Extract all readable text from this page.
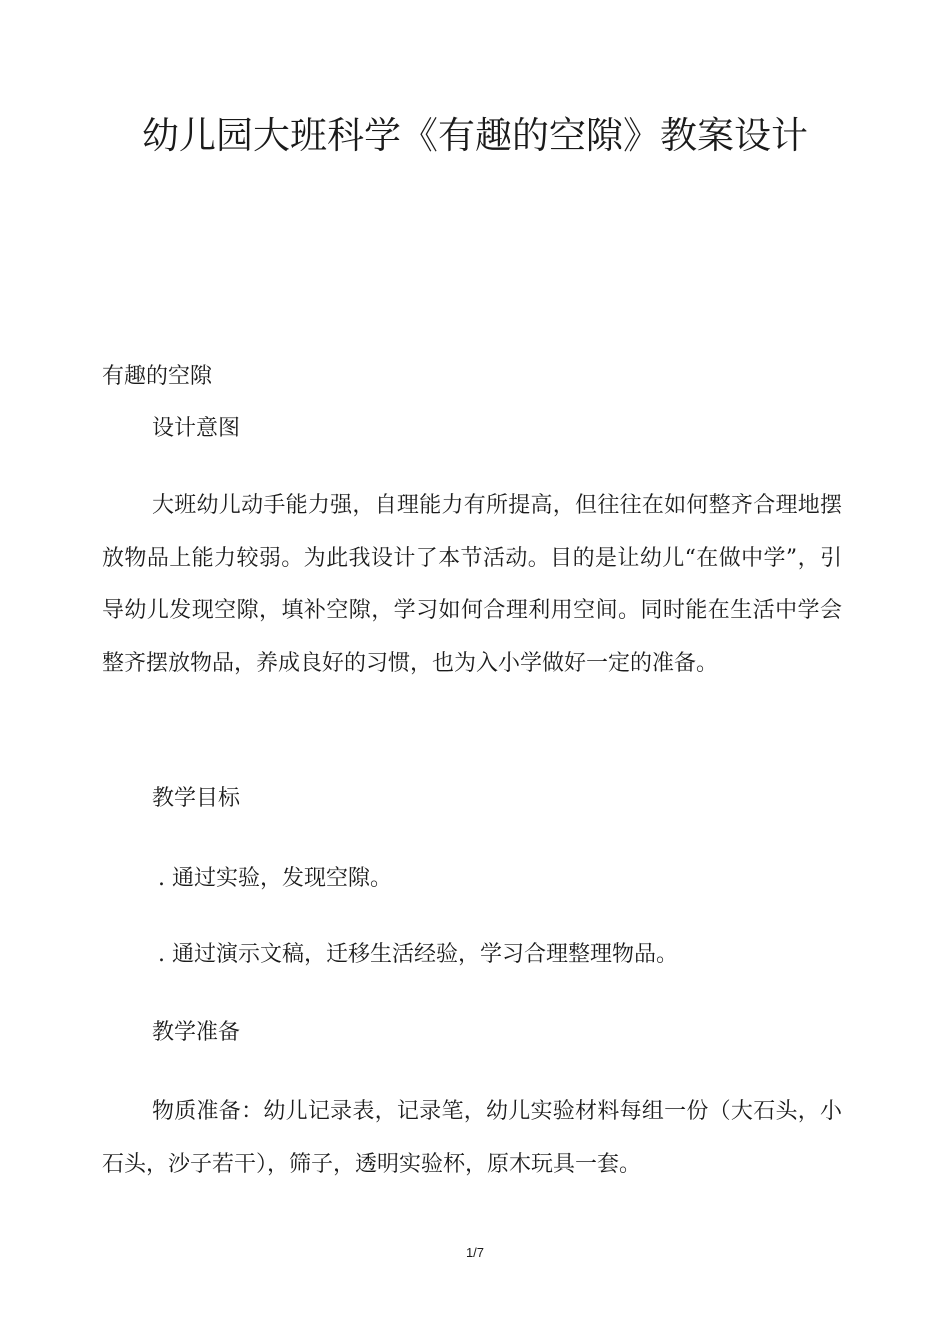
幼儿园大班科学《有趣的空隙》教案设计

有趣的空隙

设计意图

大班幼儿动手能力强，自理能力有所提高，但往往在如何整齐合理地摆放物品上能力较弱。为此我设计了本节活动。目的是让幼儿“在做中学”，引导幼儿发现空隙，填补空隙，学习如何合理利用空间。同时能在生活中学会整齐摆放物品，养成良好的习惯，也为入小学做好一定的准备。

教学目标

. 通过实验，发现空隙。

. 通过演示文稿，迁移生活经验，学习合理整理物品。

教学准备

物质准备：幼儿记录表，记录笔，幼儿实验材料每组一份（大石头，小石头，沙子若干），筛子，透明实验杯，原木玩具一套。

1/7
